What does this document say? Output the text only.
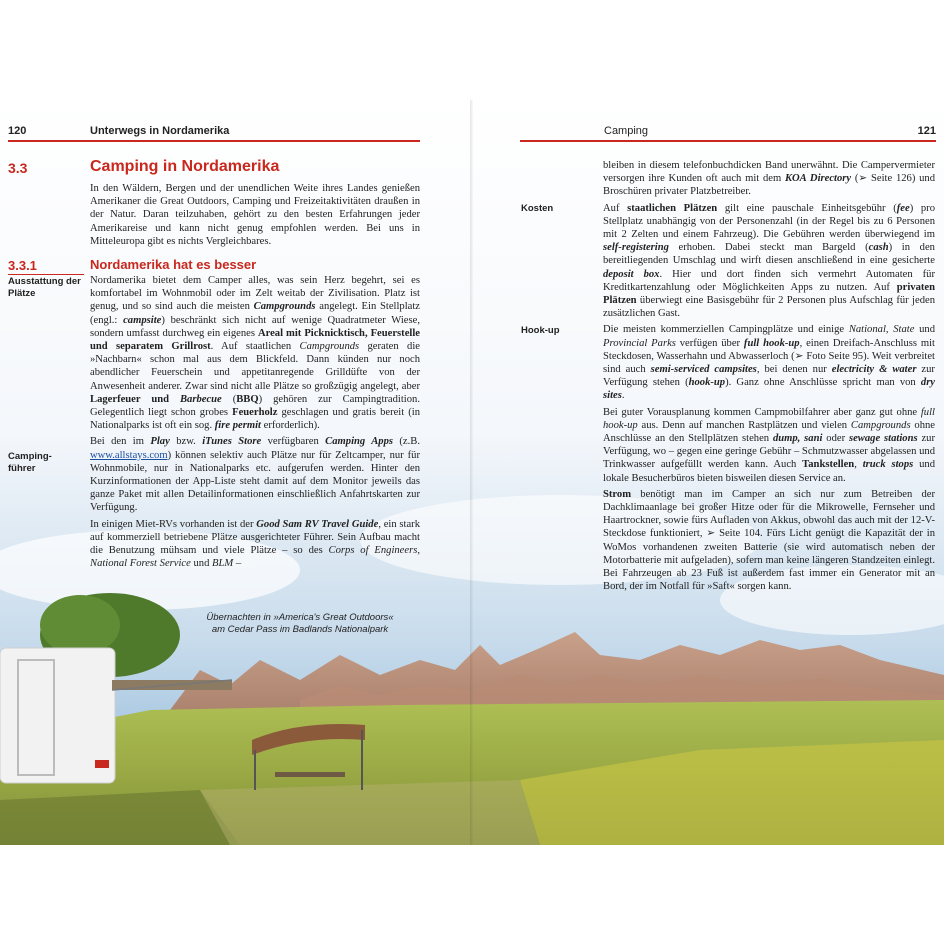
120	Unterwegs in Nordamerika	Camping	121
3.3	Camping in Nordamerika
In den Wäldern, Bergen und der unendlichen Weite ihres Landes genießen Amerikaner die Great Outdoors, Camping und Freizeitaktivitäten draußen in der Natur. Daran teilzuhaben, gehört zu den besten Erfahrungen jeder Amerikareise und kann nicht genug empfohlen werden. Bei uns in Mitteleuropa gibt es nichts Vergleichbares.
3.3.1	Nordamerika hat es besser
Ausstattung der Plätze
Camping-führer

Nordamerika bietet dem Camper alles, was sein Herz begehrt, sei es komfortabel im Wohnmobil oder im Zelt weitab der Zivilisation. Platz ist genug, und so sind auch die meisten Campgrounds angelegt. Ein Stellplatz (engl.: campsite) beschränkt sich nicht auf wenige Quadratmeter Wiese, sondern umfasst durchweg ein eigenes Areal mit Picknicktisch, Feuerstelle und separatem Grillrost. Auf staatlichen Campgrounds geraten die »Nachbarn« schon mal aus dem Blickfeld. Dann künden nur noch abendlicher Feuerschein und appetitanregende Grilldüfte von der Anwesenheit anderer. Zwar sind nicht alle Plätze so großzügig angelegt, aber Lagerfeuer und Barbecue (BBQ) gehören zur Campingtradition. Gelegentlich liegt schon grobes Feuerholz geschlagen und gratis bereit (in Nationalparks ist oft ein sog. fire permit erforderlich).

Bei den im Play bzw. iTunes Store verfügbaren Camping Apps (z.B. www.allstays.com) können selektiv auch Plätze nur für Zeltcamper, nur für Wohnmobile, nur in Nationalparks etc. aufgerufen werden. Hinter den Kurzinformationen der App-Liste steht damit auf dem Monitor jeweils das ganze Paket mit allen Detailinformationen einschließlich Anfahrtskarten zur Verfügung.

In einigen Miet-RVs vorhanden ist der Good Sam RV Travel Guide, ein stark auf kommerziell betriebene Plätze ausgerichteter Führer. Sein Aufbau macht die Benutzung mühsam und viele Plätze – so des Corps of Engineers, National Forest Service und BLM –

Übernachten in »America's Great Outdoors« am Cedar Pass im Badlands Nationalpark
Kosten
Hook-up

bleiben in diesem telefonbuchdicken Band unerwähnt. Die Campervermieter versorgen ihre Kunden oft auch mit dem KOA Directory (➢ Seite 126) und Broschüren privater Platzbetreiber.

Auf staatlichen Plätzen gilt eine pauschale Einheitsgebühr (fee) pro Stellplatz unabhängig von der Personenzahl (in der Regel bis zu 6 Personen mit 2 Zelten und einem Fahrzeug). Die Gebühren werden überwiegend im self-registering erhoben. Dabei steckt man Bargeld (cash) in den bereitliegenden Umschlag und wirft diesen anschließend in eine gesicherte deposit box. Hier und dort finden sich vermehrt Automaten für Kreditkartenzahlung oder Möglichkeiten Apps zu nutzen. Auf privaten Plätzen überwiegt eine Basisgebühr für 2 Personen plus Aufschlag für jeden zusätzlichen Gast.

Die meisten kommerziellen Campingplätze und einige National, State und Provincial Parks verfügen über full hook-up, einen Dreifach-Anschluss mit Steckdosen, Wasserhahn und Abwasserloch (➢ Foto Seite 95). Weit verbreitet sind auch semi-serviced campsites, bei denen nur electricity & water zur Verfügung stehen (hook-up). Ganz ohne Anschlüsse spricht man von dry sites.

Bei guter Vorausplanung kommen Campmobilfahrer aber ganz gut ohne full hook-up aus. Denn auf manchen Rastplätzen und vielen Campgrounds ohne Anschlüsse an den Stellplätzen stehen dump, sani oder sewage stations zur Verfügung, wo – gegen eine geringe Gebühr – Schmutzwasser abgelassen und Trinkwasser aufgefüllt werden kann. Auch Tankstellen, truck stops und lokale Besucherbüros bieten bisweilen diesen Service an.

Strom benötigt man im Camper an sich nur zum Betreiben der Dachklimaanlage bei großer Hitze oder für die Mikrowelle, Fernseher und Haartrockner, sowie fürs Aufladen von Akkus, obwohl das auch mit der 12-V-Steckdose funktioniert, ➢ Seite 104. Fürs Licht genügt die Kapazität der in WoMos vorhandenen zweiten Batterie (sie wird automatisch neben der Motorbatterie mit aufgeladen), sofern man keine längeren Standzeiten einlegt. Bei Fahrzeugen ab 23 Fuß ist außerdem fast immer ein Generator mit an Bord, der im Notfall für »Saft« sorgen kann.
